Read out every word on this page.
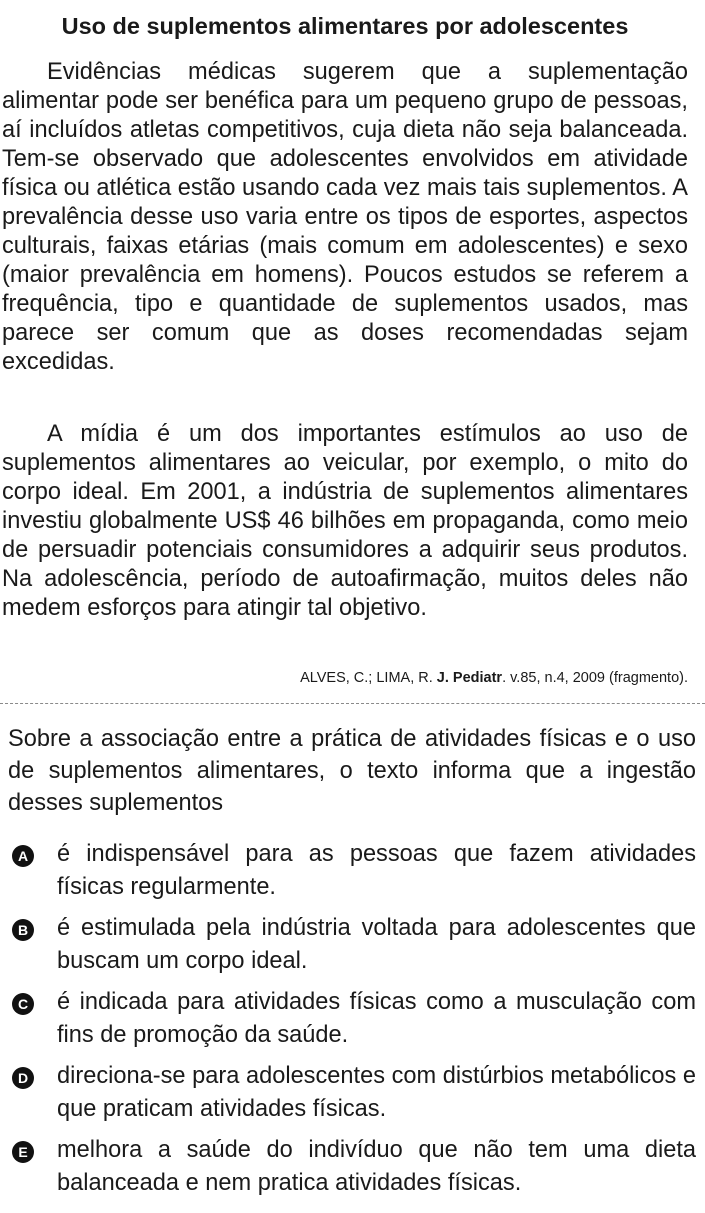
Uso de suplementos alimentares por adolescentes

Evidências médicas sugerem que a suplementação alimentar pode ser benéfica para um pequeno grupo de pessoas, aí incluídos atletas competitivos, cuja dieta não seja balanceada. Tem-se observado que adolescentes envolvidos em atividade física ou atlética estão usando cada vez mais tais suplementos. A prevalência desse uso varia entre os tipos de esportes, aspectos culturais, faixas etárias (mais comum em adolescentes) e sexo (maior prevalência em homens). Poucos estudos se referem a frequência, tipo e quantidade de suplementos usados, mas parece ser comum que as doses recomendadas sejam excedidas.

A mídia é um dos importantes estímulos ao uso de suplementos alimentares ao veicular, por exemplo, o mito do corpo ideal. Em 2001, a indústria de suplementos alimentares investiu globalmente US$ 46 bilhões em propaganda, como meio de persuadir potenciais consumidores a adquirir seus produtos. Na adolescência, período de autoafirmação, muitos deles não medem esforços para atingir tal objetivo.

ALVES, C.; LIMA, R. J. Pediatr. v.85, n.4, 2009 (fragmento).

Sobre a associação entre a prática de atividades físicas e o uso de suplementos alimentares, o texto informa que a ingestão desses suplementos

A é indispensável para as pessoas que fazem atividades físicas regularmente.

B é estimulada pela indústria voltada para adolescentes que buscam um corpo ideal.

C é indicada para atividades físicas como a musculação com fins de promoção da saúde.

D direciona-se para adolescentes com distúrbios metabólicos e que praticam atividades físicas.

E melhora a saúde do indivíduo que não tem uma dieta balanceada e nem pratica atividades físicas.
